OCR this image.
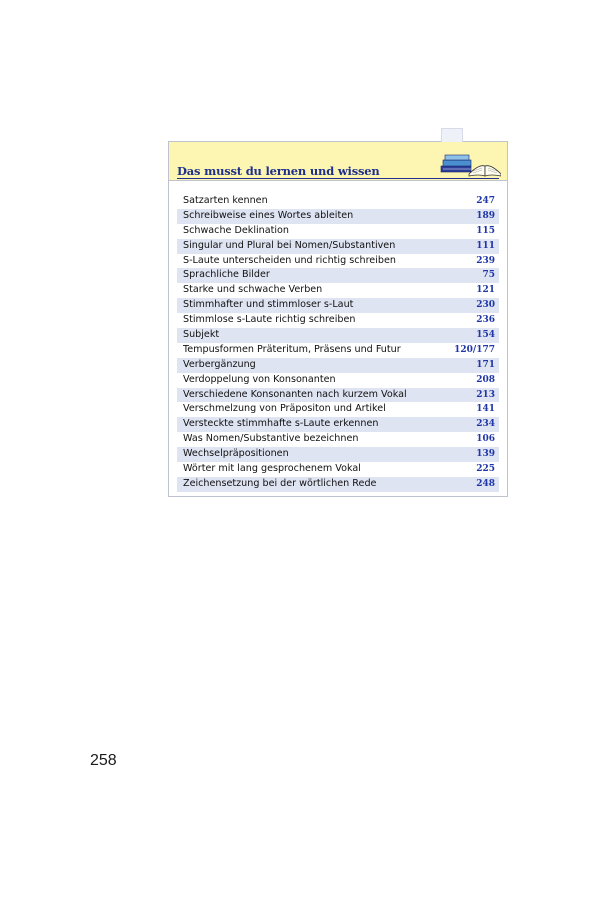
Das musst du lernen und wissen
Satzarten kennen	247
Schreibweise eines Wortes ableiten	189
Schwache Deklination	115
Singular und Plural bei Nomen/Substantiven	111
S-Laute unterscheiden und richtig schreiben	239
Sprachliche Bilder	75
Starke und schwache Verben	121
Stimmhafter und stimmloser s-Laut	230
Stimmlose s-Laute richtig schreiben	236
Subjekt	154
Tempusformen Präteritum, Präsens und Futur	120/177
Verbergänzung	171
Verdoppelung von Konsonanten	208
Verschiedene Konsonanten nach kurzem Vokal	213
Verschmelzung von Präpositon und Artikel	141
Versteckte stimmhafte s-Laute erkennen	234
Was Nomen/Substantive bezeichnen	106
Wechselpräpositionen	139
Wörter mit lang gesprochenem Vokal	225
Zeichensetzung bei der wörtlichen Rede	248
258
